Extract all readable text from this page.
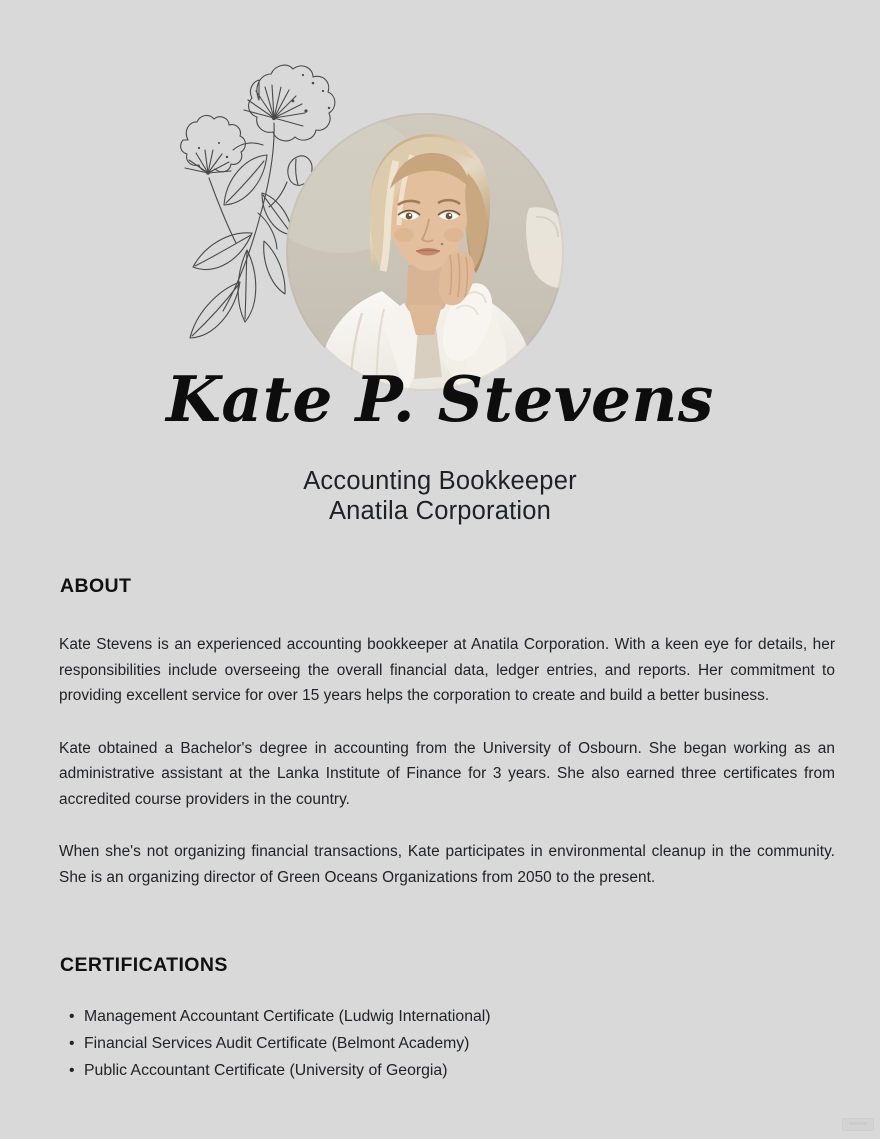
Kate P. Stevens
Accounting Bookkeeper
Anatila Corporation
ABOUT

Kate Stevens is an experienced accounting bookkeeper at Anatila Corporation. With a keen eye for details, her responsibilities include overseeing the overall financial data, ledger entries, and reports. Her commitment to providing excellent service for over 15 years helps the corporation to create and build a better business.

Kate obtained a Bachelor's degree in accounting from the University of Osbourn. She began working as an administrative assistant at the Lanka Institute of Finance for 3 years. She also earned three certificates from accredited course providers in the country.

When she's not organizing financial transactions, Kate participates in environmental cleanup in the community. She is an organizing director of Green Oceans Organizations from 2050 to the present.

CERTIFICATIONS
• Management Accountant Certificate (Ludwig International)
• Financial Services Audit Certificate (Belmont Academy)
• Public Accountant Certificate (University of Georgia)
